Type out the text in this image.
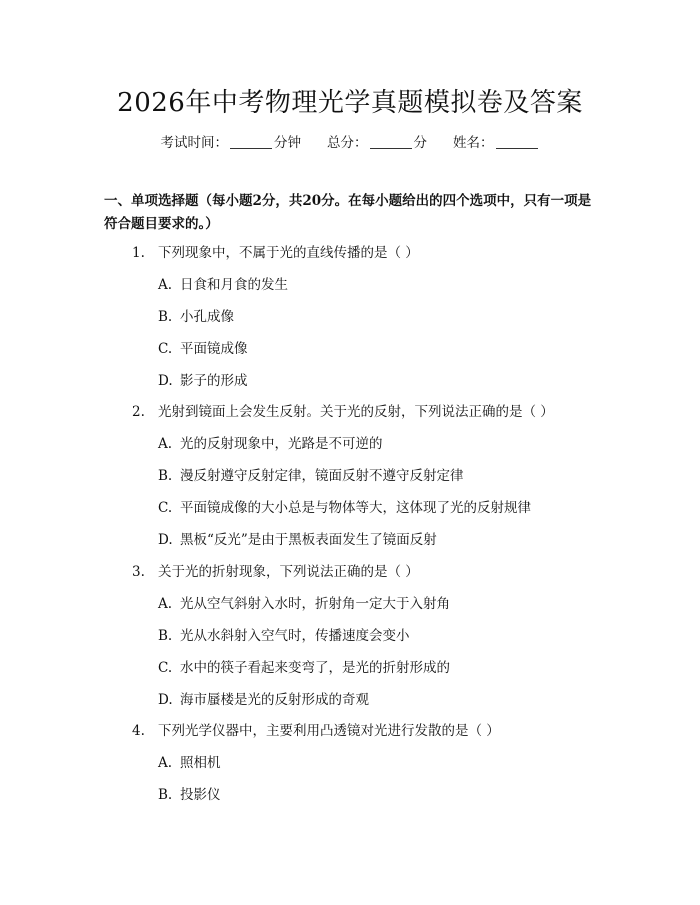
2026年中考物理光学真题模拟卷及答案
考试时间：	分钟 总分：	分 姓名：
一、单项选择题（每小题2分，共20分。在每小题给出的四个选项中，只有一项是符合题目要求的。）
1. 下列现象中，不属于光的直线传播的是（ ）
A. 日食和月食的发生
B. 小孔成像
C. 平面镜成像
D. 影子的形成
2. 光射到镜面上会发生反射。关于光的反射，下列说法正确的是（ ）
A. 光的反射现象中，光路是不可逆的
B. 漫反射遵守反射定律，镜面反射不遵守反射定律
C. 平面镜成像的大小总是与物体等大，这体现了光的反射规律
D. 黑板“反光”是由于黑板表面发生了镜面反射
3. 关于光的折射现象，下列说法正确的是（ ）
A. 光从空气斜射入水时，折射角一定大于入射角
B. 光从水斜射入空气时，传播速度会变小
C. 水中的筷子看起来变弯了，是光的折射形成的
D. 海市蜃楼是光的反射形成的奇观
4. 下列光学仪器中，主要利用凸透镜对光进行发散的是（ ）
A. 照相机
B. 投影仪
